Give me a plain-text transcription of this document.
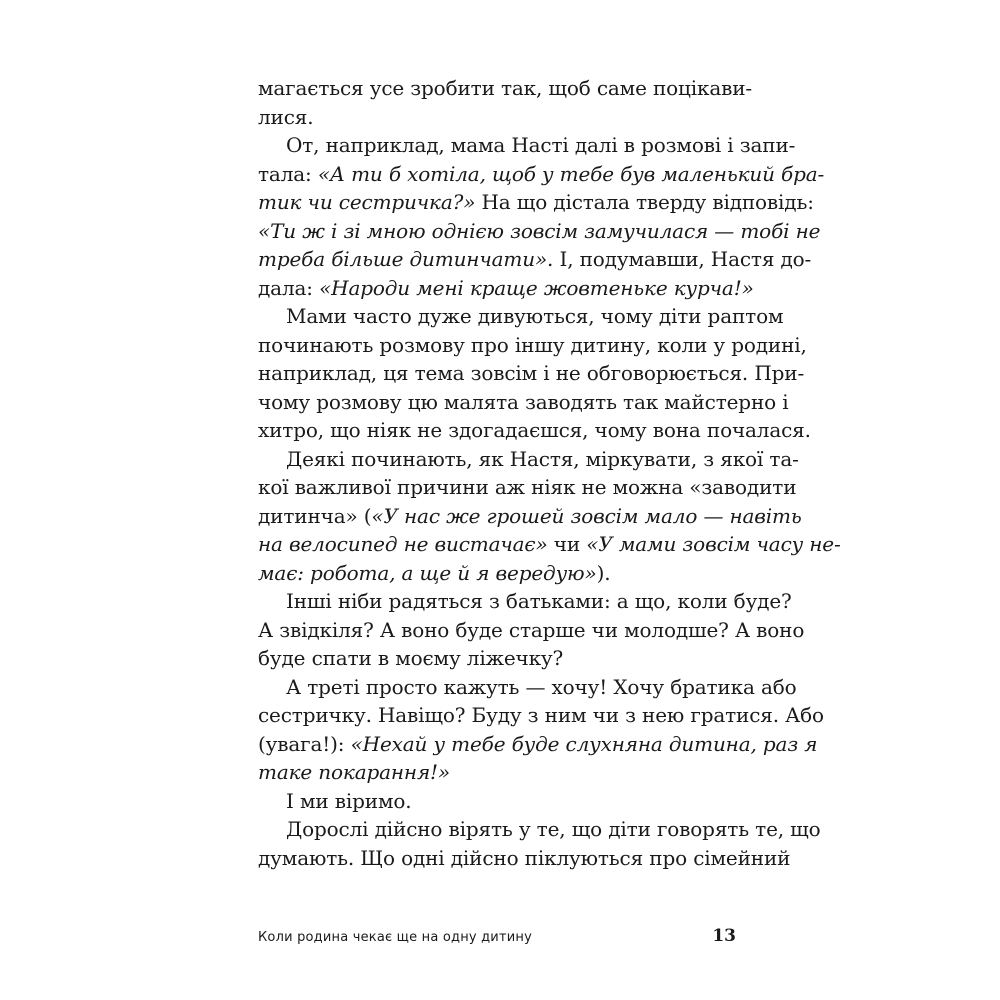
магається усе зробити так, щоб саме поцікави-
лися.
От, наприклад, мама Насті далі в розмові і запи-
тала: «А ти б хотіла, щоб у тебе був маленький бра-
тик чи сестричка?» На що дістала тверду відповідь:
«Ти ж і зі мною однією зовсім замучилася — тобі не
треба більше дитинчати». І, подумавши, Настя до-
дала: «Народи мені краще жовтеньке курча!»
Мами часто дуже дивуються, чому діти раптом
починають розмову про іншу дитину, коли у родині,
наприклад, ця тема зовсім і не обговорюється. При-
чому розмову цю малята заводять так майстерно і
хитро, що ніяк не здогадаєшся, чому вона почалася.
Деякі починають, як Настя, міркувати, з якої та-
кої важливої причини аж ніяк не можна «заводити
дитинча» («У нас же грошей зовсім мало — навіть
на велосипед не вистачає» чи «У мами зовсім часу не-
має: робота, а ще й я вередую»).
Інші ніби радяться з батьками: а що, коли буде?
А звідкіля? А воно буде старше чи молодше? А воно
буде спати в моєму ліжечку?
А треті просто кажуть — хочу! Хочу братика або
сестричку. Навіщо? Буду з ним чи з нею гратися. Або
(увага!): «Нехай у тебе буде слухняна дитина, раз я
таке покарання!»
І ми віримо.
Дорослі дійсно вірять у те, що діти говорять те, що
думають. Що одні дійсно піклуються про сімейний
Коли родина чекає ще на одну дитину	13
